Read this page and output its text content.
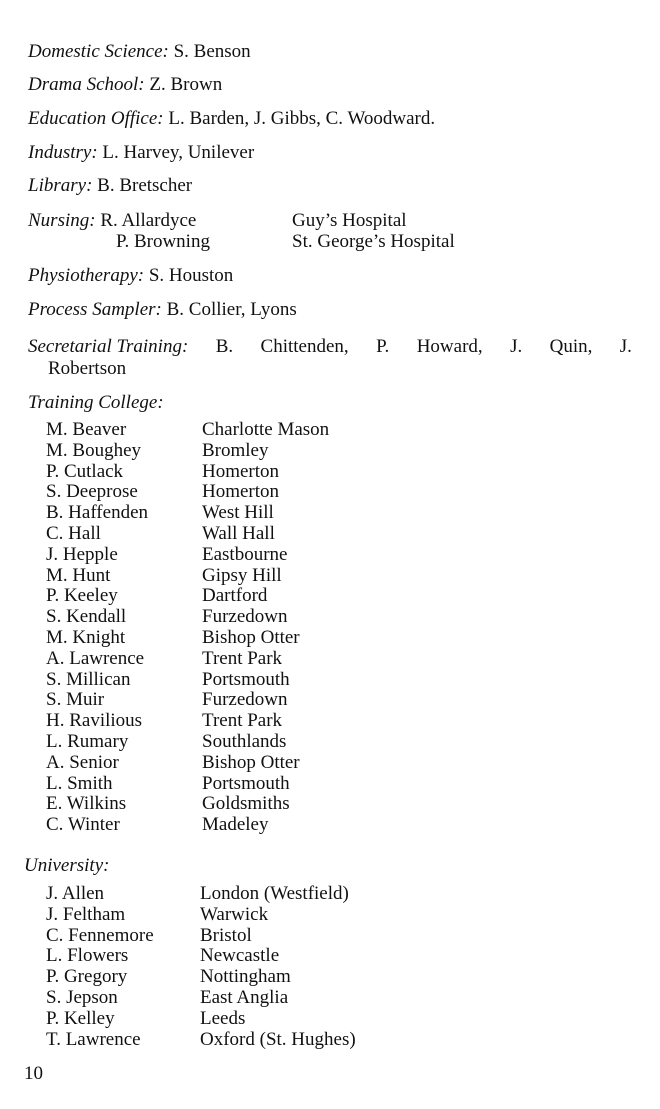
Domestic Science: S. Benson
Drama School: Z. Brown
Education Office: L. Barden, J. Gibbs, C. Woodward.
Industry: L. Harvey, Unilever
Library: B. Bretscher
Nursing: R. Allardyce	Guy’s Hospital
P. Browning	St. George’s Hospital
Physiotherapy: S. Houston
Process Sampler: B. Collier, Lyons
Secretarial Training: B. Chittenden, P. Howard, J. Quin, J.
Robertson
Training College:
M. Beaver	Charlotte Mason
M. Boughey	Bromley
P. Cutlack	Homerton
S. Deeprose	Homerton
B. Haffenden	West Hill
C. Hall	Wall Hall
J. Hepple	Eastbourne
M. Hunt	Gipsy Hill
P. Keeley	Dartford
S. Kendall	Furzedown
M. Knight	Bishop Otter
A. Lawrence	Trent Park
S. Millican	Portsmouth
S. Muir	Furzedown
H. Ravilious	Trent Park
L. Rumary	Southlands
A. Senior	Bishop Otter
L. Smith	Portsmouth
E. Wilkins	Goldsmiths
C. Winter	Madeley
University:
J. Allen	London (Westfield)
J. Feltham	Warwick
C. Fennemore Bristol
L. Flowers	Newcastle
P. Gregory	Nottingham
S. Jepson	East Anglia
P. Kelley	Leeds
T. Lawrence	Oxford (St. Hughes)
10
